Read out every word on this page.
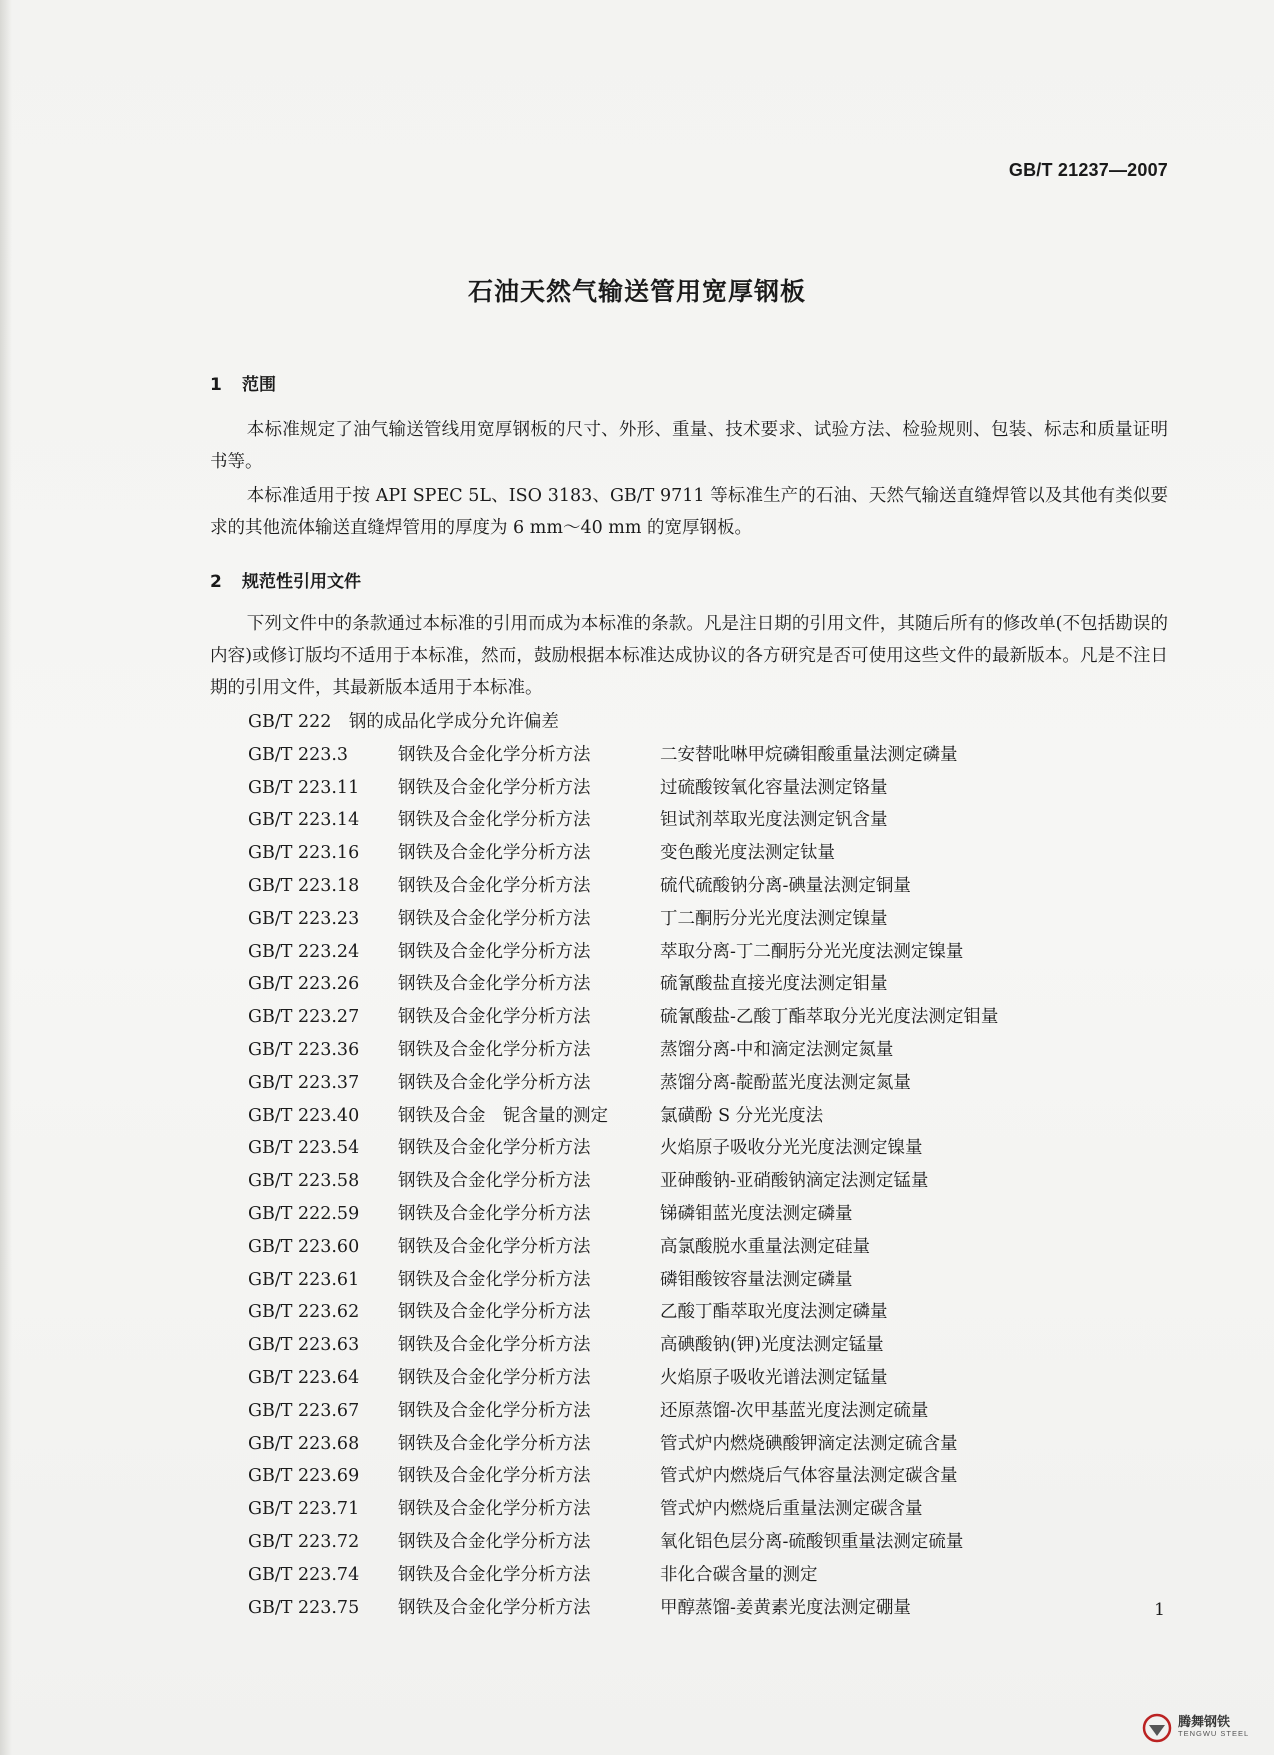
GB/T 21237—2007
石油天然气输送管用宽厚钢板
1 范围
本标准规定了油气输送管线用宽厚钢板的尺寸、外形、重量、技术要求、试验方法、检验规则、包装、标志和质量证明书等。
本标准适用于按 API SPEC 5L、ISO 3183、GB/T 9711 等标准生产的石油、天然气输送直缝焊管以及其他有类似要求的其他流体输送直缝焊管用的厚度为 6 mm～40 mm 的宽厚钢板。
2 规范性引用文件
下列文件中的条款通过本标准的引用而成为本标准的条款。凡是注日期的引用文件，其随后所有的修改单(不包括勘误的内容)或修订版均不适用于本标准，然而，鼓励根据本标准达成协议的各方研究是否可使用这些文件的最新版本。凡是不注日期的引用文件，其最新版本适用于本标准。
GB/T 222　钢的成品化学成分允许偏差
GB/T 223.3	钢铁及合金化学分析方法	二安替吡啉甲烷磷钼酸重量法测定磷量
GB/T 223.11 钢铁及合金化学分析方法	过硫酸铵氧化容量法测定铬量
GB/T 223.14 钢铁及合金化学分析方法	钽试剂萃取光度法测定钒含量
GB/T 223.16 钢铁及合金化学分析方法	变色酸光度法测定钛量
GB/T 223.18 钢铁及合金化学分析方法	硫代硫酸钠分离-碘量法测定铜量
GB/T 223.23 钢铁及合金化学分析方法	丁二酮肟分光光度法测定镍量
GB/T 223.24 钢铁及合金化学分析方法	萃取分离-丁二酮肟分光光度法测定镍量
GB/T 223.26 钢铁及合金化学分析方法	硫氰酸盐直接光度法测定钼量
GB/T 223.27 钢铁及合金化学分析方法	硫氰酸盐-乙酸丁酯萃取分光光度法测定钼量
GB/T 223.36 钢铁及合金化学分析方法	蒸馏分离-中和滴定法测定氮量
GB/T 223.37 钢铁及合金化学分析方法	蒸馏分离-靛酚蓝光度法测定氮量
GB/T 223.40 钢铁及合金　铌含量的测定	氯磺酚 S 分光光度法
GB/T 223.54 钢铁及合金化学分析方法	火焰原子吸收分光光度法测定镍量
GB/T 223.58 钢铁及合金化学分析方法	亚砷酸钠-亚硝酸钠滴定法测定锰量
GB/T 222.59 钢铁及合金化学分析方法	锑磷钼蓝光度法测定磷量
GB/T 223.60 钢铁及合金化学分析方法	高氯酸脱水重量法测定硅量
GB/T 223.61 钢铁及合金化学分析方法	磷钼酸铵容量法测定磷量
GB/T 223.62 钢铁及合金化学分析方法	乙酸丁酯萃取光度法测定磷量
GB/T 223.63 钢铁及合金化学分析方法	高碘酸钠(钾)光度法测定锰量
GB/T 223.64 钢铁及合金化学分析方法	火焰原子吸收光谱法测定锰量
GB/T 223.67 钢铁及合金化学分析方法	还原蒸馏-次甲基蓝光度法测定硫量
GB/T 223.68 钢铁及合金化学分析方法	管式炉内燃烧碘酸钾滴定法测定硫含量
GB/T 223.69 钢铁及合金化学分析方法	管式炉内燃烧后气体容量法测定碳含量
GB/T 223.71 钢铁及合金化学分析方法	管式炉内燃烧后重量法测定碳含量
GB/T 223.72 钢铁及合金化学分析方法	氧化铝色层分离-硫酸钡重量法测定硫量
GB/T 223.74 钢铁及合金化学分析方法	非化合碳含量的测定
GB/T 223.75 钢铁及合金化学分析方法	甲醇蒸馏-姜黄素光度法测定硼量	1
腾舞钢铁
TENGWU STEEL
